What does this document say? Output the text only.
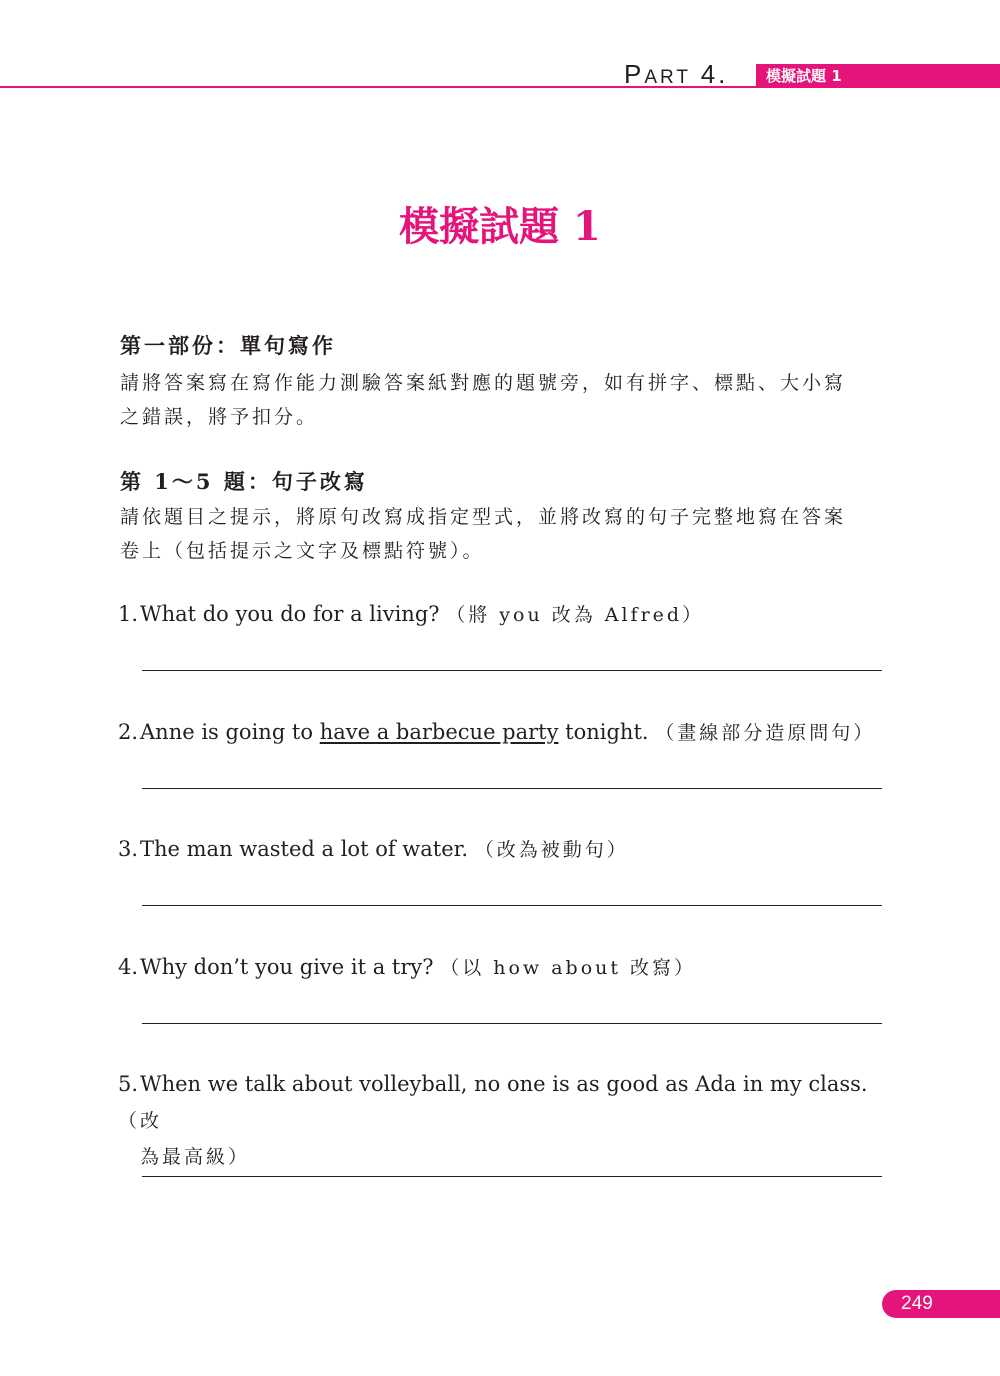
PART 4.	模擬試題 1
模擬試題 1
第一部份：單句寫作
請將答案寫在寫作能力測驗答案紙對應的題號旁，如有拼字、標點、大小寫
之錯誤，將予扣分。
第 1～5 題：句子改寫
請依題目之提示，將原句改寫成指定型式，並將改寫的句子完整地寫在答案
卷上（包括提示之文字及標點符號）。
1.What do you do for a living? （將 you 改為 Alfred）
2.Anne is going to have a barbecue party tonight. （畫線部分造原問句）
3.The man wasted a lot of water. （改為被動句）
4.Why don’t you give it a try? （以 how about 改寫）
5.When we talk about volleyball, no one is as good as Ada in my class. （改
為最高級）
249
